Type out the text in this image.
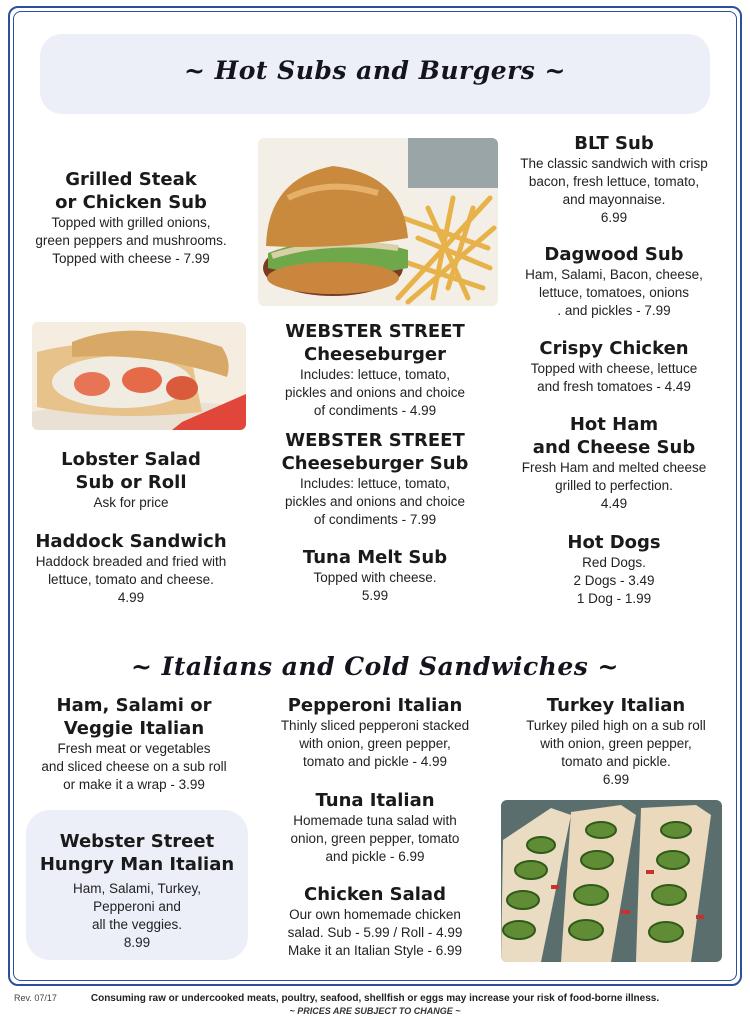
~ Hot Subs and Burgers ~
Grilled Steak
or Chicken Sub
Topped with grilled onions,
green peppers and mushrooms.
Topped with cheese - 7.99
BLT Sub
The classic sandwich with crisp
bacon, fresh lettuce, tomato,
and mayonnaise.
6.99
Dagwood Sub
Ham, Salami, Bacon, cheese,
lettuce, tomatoes, onions
. and pickles - 7.99
WEBSTER STREET
Cheeseburger
Includes: lettuce, tomato,
pickles and onions and choice
of condiments - 4.99
Crispy Chicken
Topped with cheese, lettuce
and fresh tomatoes - 4.49
WEBSTER STREET
Cheeseburger Sub
Includes: lettuce, tomato,
pickles and onions and choice
of condiments - 7.99
Hot Ham
and Cheese Sub
Fresh Ham and melted cheese
grilled to perfection.
4.49
Lobster Salad
Sub or Roll
Ask for price
Haddock Sandwich
Haddock breaded and fried with
lettuce, tomato and cheese.
4.99
Tuna Melt Sub
Topped with cheese.
5.99
Hot Dogs
Red Dogs.
2 Dogs - 3.49
1 Dog - 1.99
~ Italians and Cold Sandwiches ~
Ham, Salami or
Veggie Italian
Fresh meat or vegetables
and sliced cheese on a sub roll
or make it a wrap - 3.99
Pepperoni Italian
Thinly sliced pepperoni stacked
with onion, green pepper,
tomato and pickle - 4.99
Turkey Italian
Turkey piled high on a sub roll
with onion, green pepper,
tomato and pickle.
6.99
Tuna Italian
Homemade tuna salad with
onion, green pepper, tomato
and pickle - 6.99
Webster Street
Hungry Man Italian
Ham, Salami, Turkey,
Pepperoni and
all the veggies.
8.99
Chicken Salad
Our own homemade chicken
salad. Sub - 5.99 / Roll - 4.99
Make it an Italian Style - 6.99
Rev. 07/17	Consuming raw or undercooked meats, poultry, seafood, shellfish or eggs may increase your risk of food-borne illness.
~ PRICES ARE SUBJECT TO CHANGE ~
